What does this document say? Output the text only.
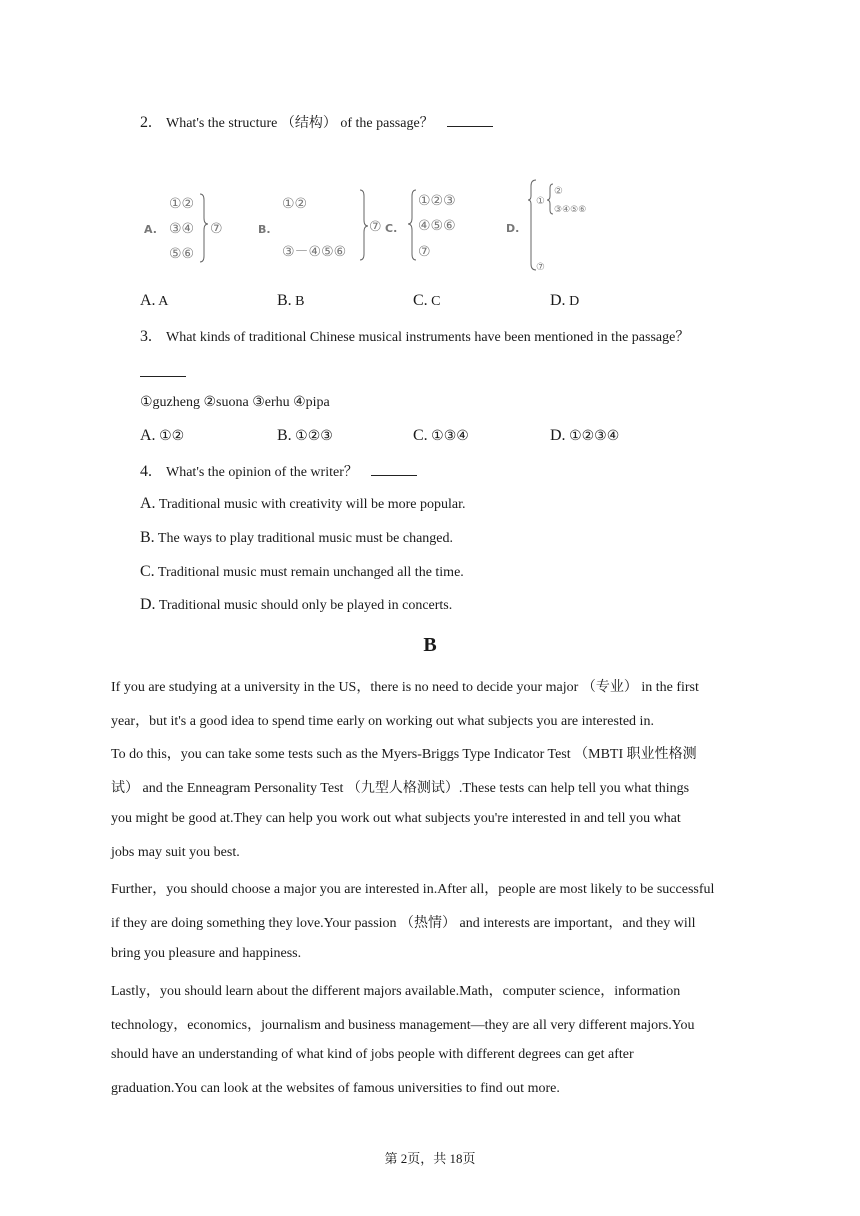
2. What's the structure （结构） of the passage？
A.
①②
③④
⑤⑥
⑦	B.
①②
③－④⑤⑥
⑦ C.
①②③
④⑤⑥
⑦
D.
①
②
③④⑤⑥
⑦
A. A	B. B	C. C	D. D
3. What kinds of traditional Chinese musical instruments have been mentioned in the passage？
①guzheng ②suona ③erhu ④pipa
A. ①②	B. ①②③	C. ①③④	D. ①②③④
4. What's the opinion of the writer？
A. Traditional music with creativity will be more popular.
B. The ways to play traditional music must be changed.
C. Traditional music must remain unchanged all the time.
D. Traditional music should only be played in concerts.
B
If you are studying at a university in the US，there is no need to decide your major （专业） in the first
year，but it's a good idea to spend time early on working out what subjects you are interested in.
To do this，you can take some tests such as the Myers-Briggs Type Indicator Test （MBTI 职业性格测
试） and the Enneagram Personality Test （九型人格测试）.These tests can help tell you what things
you might be good at.They can help you work out what subjects you're interested in and tell you what
jobs may suit you best.
Further，you should choose a major you are interested in.After all，people are most likely to be successful
if they are doing something they love.Your passion （热情） and interests are important，and they will
bring you pleasure and happiness.
Lastly，you should learn about the different majors available.Math，computer science，information
technology，economics，journalism and business management—they are all very different majors.You
should have an understanding of what kind of jobs people with different degrees can get after
graduation.You can look at the websites of famous universities to find out more.
第 2页，共 18页
